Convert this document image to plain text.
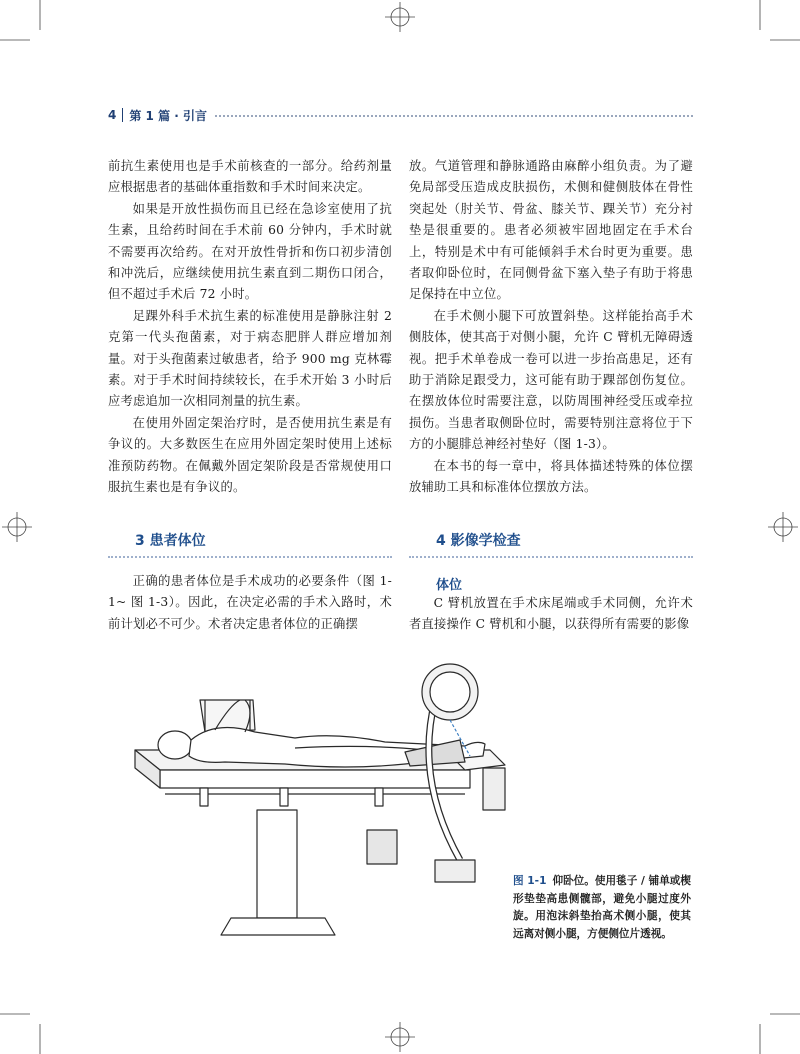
4 第 1 篇 · 引言

前抗生素使用也是手术前核查的一部分。给药剂量应根据患者的基础体重指数和手术时间来决定。

如果是开放性损伤而且已经在急诊室使用了抗生素，且给药时间在手术前 60 分钟内，手术时就不需要再次给药。在对开放性骨折和伤口初步清创和冲洗后，应继续使用抗生素直到二期伤口闭合，但不超过手术后 72 小时。

足踝外科手术抗生素的标准使用是静脉注射 2 克第一代头孢菌素，对于病态肥胖人群应增加剂量。对于头孢菌素过敏患者，给予 900 mg 克林霉素。对于手术时间持续较长，在手术开始 3 小时后应考虑追加一次相同剂量的抗生素。

在使用外固定架治疗时，是否使用抗生素是有争议的。大多数医生在应用外固定架时使用上述标准预防药物。在佩戴外固定架阶段是否常规使用口服抗生素也是有争议的。

放。气道管理和静脉通路由麻醉小组负责。为了避免局部受压造成皮肤损伤，术侧和健侧肢体在骨性突起处（肘关节、骨盆、膝关节、踝关节）充分衬垫是很重要的。患者必须被牢固地固定在手术台上，特别是术中有可能倾斜手术台时更为重要。患者取仰卧位时，在同侧骨盆下塞入垫子有助于将患足保持在中立位。

在手术侧小腿下可放置斜垫。这样能抬高手术侧肢体，使其高于对侧小腿，允许 C 臂机无障碍透视。把手术单卷成一卷可以进一步抬高患足，还有助于消除足跟受力，这可能有助于踝部创伤复位。在摆放体位时需要注意，以防周围神经受压或牵拉损伤。当患者取侧卧位时，需要特别注意将位于下方的小腿腓总神经衬垫好（图 1-3）。

在本书的每一章中，将具体描述特殊的体位摆放辅助工具和标准体位摆放方法。

3 患者体位

正确的患者体位是手术成功的必要条件（图 1-1~ 图 1-3）。因此，在决定必需的手术入路时，术前计划必不可少。术者决定患者体位的正确摆

4 影像学检查
体位

C 臂机放置在手术床尾端或手术同侧，允许术者直接操作 C 臂机和小腿，以获得所有需要的影像

图 1-1 仰卧位。使用毯子 / 铺单或楔形垫垫高患侧髋部，避免小腿过度外旋。用泡沫斜垫抬高术侧小腿，使其远离对侧小腿，方便侧位片透视。
